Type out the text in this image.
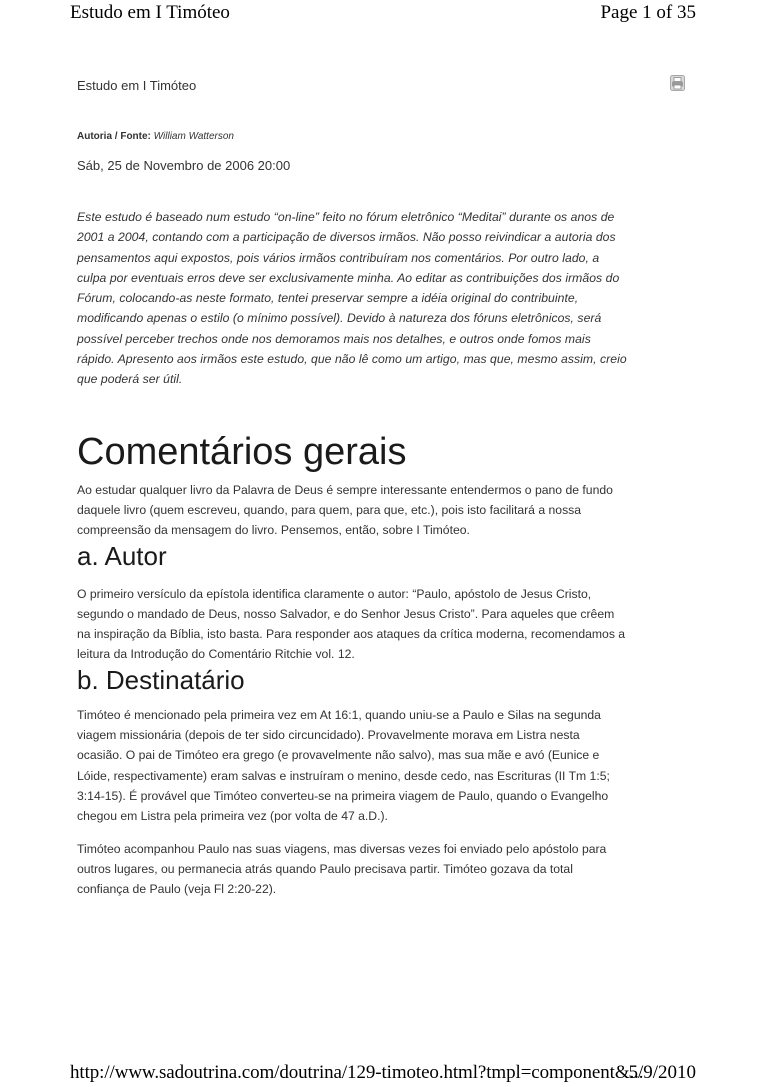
Estudo em I Timóteo	Page 1 of 35
Estudo em I Timóteo
Autoria / Fonte: William Watterson
Sáb, 25 de Novembro de 2006 20:00
Este estudo é baseado num estudo “on-line” feito no fórum eletrônico “Meditai” durante os anos de
2001 a 2004, contando com a participação de diversos irmãos. Não posso reivindicar a autoria dos
pensamentos aqui expostos, pois vários irmãos contribuíram nos comentários. Por outro lado, a
culpa por eventuais erros deve ser exclusivamente minha. Ao editar as contribuições dos irmãos do
Fórum, colocando-as neste formato, tentei preservar sempre a idéia original do contribuinte,
modificando apenas o estilo (o mínimo possível). Devido à natureza dos fóruns eletrônicos, será
possível perceber trechos onde nos demoramos mais nos detalhes, e outros onde fomos mais
rápido. Apresento aos irmãos este estudo, que não lê como um artigo, mas que, mesmo assim, creio
que poderá ser útil.
Comentários gerais
Ao estudar qualquer livro da Palavra de Deus é sempre interessante entendermos o pano de fundo
daquele livro (quem escreveu, quando, para quem, para que, etc.), pois isto facilitará a nossa
compreensão da mensagem do livro. Pensemos, então, sobre I Timóteo.
a. Autor
O primeiro versículo da epístola identifica claramente o autor: “Paulo, apóstolo de Jesus Cristo,
segundo o mandado de Deus, nosso Salvador, e do Senhor Jesus Cristo”. Para aqueles que crêem
na inspiração da Bíblia, isto basta. Para responder aos ataques da crítica moderna, recomendamos a
leitura da Introdução do Comentário Ritchie vol. 12.
b. Destinatário
Timóteo é mencionado pela primeira vez em At 16:1, quando uniu-se a Paulo e Silas na segunda
viagem missionária (depois de ter sido circuncidado). Provavelmente morava em Listra nesta
ocasião. O pai de Timóteo era grego (e provavelmente não salvo), mas sua mãe e avó (Eunice e
Lóide, respectivamente) eram salvas e instruíram o menino, desde cedo, nas Escrituras (II Tm 1:5;
3:14-15). É provável que Timóteo converteu-se na primeira viagem de Paulo, quando o Evangelho
chegou em Listra pela primeira vez (por volta de 47 a.D.).
Timóteo acompanhou Paulo nas suas viagens, mas diversas vezes foi enviado pelo apóstolo para
outros lugares, ou permanecia atrás quando Paulo precisava partir. Timóteo gozava da total
confiança de Paulo (veja Fl 2:20-22).
http://www.sadoutrina.com/doutrina/129-timoteo.html?tmpl=component&...
5/9/2010
